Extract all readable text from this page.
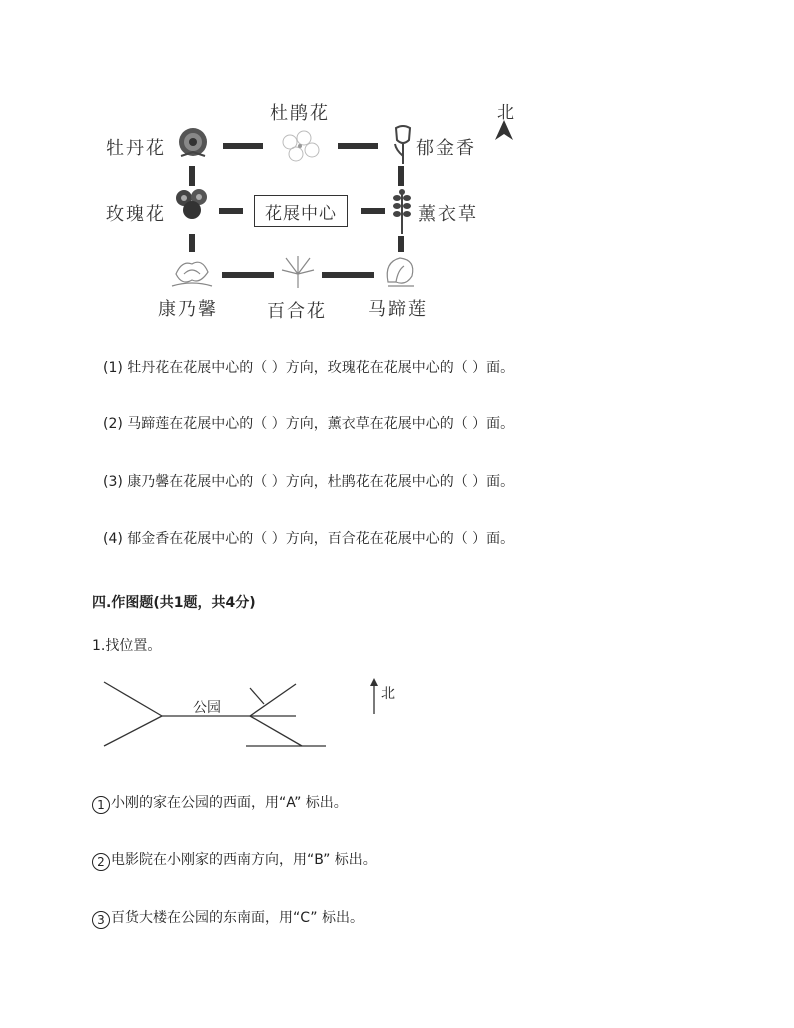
北
牡丹花
杜鹃花
郁金香
玫瑰花	薰衣草
康乃馨	百合花 马蹄莲
花展中心
(1) 牡丹花在花展中心的（ ）方向，玫瑰花在花展中心的（ ）面。
(2) 马蹄莲在花展中心的（ ）方向，薰衣草在花展中心的（ ）面。
(3) 康乃馨在花展中心的（ ）方向，杜鹃花在花展中心的（ ）面。
(4) 郁金香在花展中心的（ ）方向，百合花在花展中心的（ ）面。
四.作图题(共1题，共4分)
1.找位置。
公园
北
1 小刚的家在公园的西面，用“A” 标出。
2 电影院在小刚家的西南方向，用“B” 标出。
3 百货大楼在公园的东南面，用“C” 标出。
